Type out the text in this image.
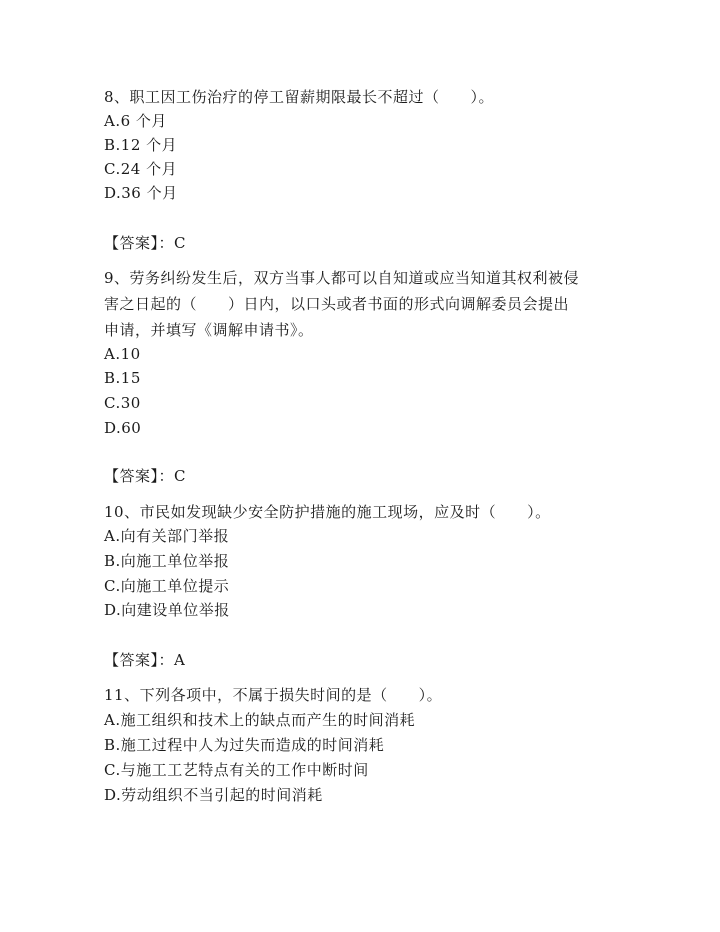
8、职工因工伤治疗的停工留薪期限最长不超过（　　）。
A.6 个月
B.12 个月
C.24 个月
D.36 个月
【答案】：C
9、劳务纠纷发生后，双方当事人都可以自知道或应当知道其权利被侵
害之日起的（　　）日内，以口头或者书面的形式向调解委员会提出
申请，并填写《调解申请书》。
A.10
B.15
C.30
D.60
【答案】：C
10、市民如发现缺少安全防护措施的施工现场，应及时（　　）。
A.向有关部门举报
B.向施工单位举报
C.向施工单位提示
D.向建设单位举报
【答案】：A
11、下列各项中，不属于损失时间的是（　　）。
A.施工组织和技术上的缺点而产生的时间消耗
B.施工过程中人为过失而造成的时间消耗
C.与施工工艺特点有关的工作中断时间
D.劳动组织不当引起的时间消耗
